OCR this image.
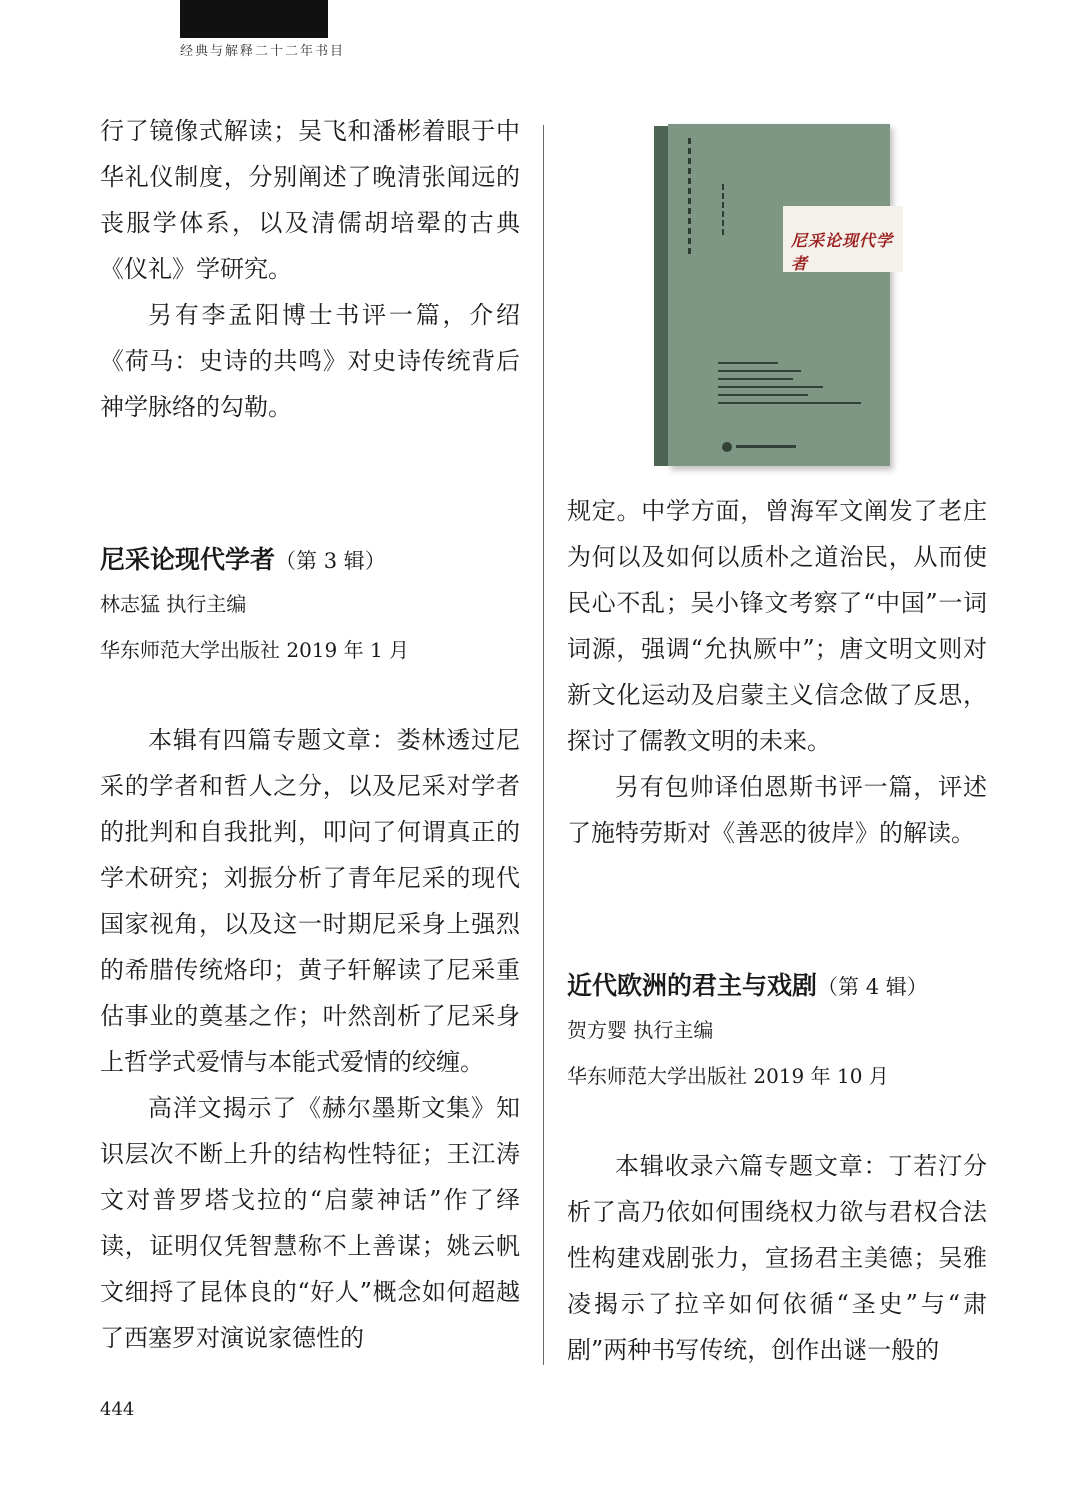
经典与解释二十二年书目

行了镜像式解读；吴飞和潘彬着眼于中华礼仪制度，分别阐述了晚清张闻远的丧服学体系，以及清儒胡培翚的古典《仪礼》学研究。

另有李孟阳博士书评一篇，介绍《荷马：史诗的共鸣》对史诗传统背后神学脉络的勾勒。

尼采论现代学者（第 3 辑）

林志猛 执行主编

华东师范大学出版社 2019 年 1 月

本辑有四篇专题文章：娄林透过尼采的学者和哲人之分，以及尼采对学者的批判和自我批判，叩问了何谓真正的学术研究；刘振分析了青年尼采的现代国家视角，以及这一时期尼采身上强烈的希腊传统烙印；黄子轩解读了尼采重估事业的奠基之作；叶然剖析了尼采身上哲学式爱情与本能式爱情的绞缠。

高洋文揭示了《赫尔墨斯文集》知识层次不断上升的结构性特征；王江涛文对普罗塔戈拉的“启蒙神话”作了绎读，证明仅凭智慧称不上善谋；姚云帆文细捋了昆体良的“好人”概念如何超越了西塞罗对演说家德性的

尼采论现代学者

规定。中学方面，曾海军文阐发了老庄为何以及如何以质朴之道治民，从而使民心不乱；吴小锋文考察了“中国”一词词源，强调“允执厥中”；唐文明文则对新文化运动及启蒙主义信念做了反思，探讨了儒教文明的未来。

另有包帅译伯恩斯书评一篇，评述了施特劳斯对《善恶的彼岸》的解读。

近代欧洲的君主与戏剧（第 4 辑）

贺方婴 执行主编

华东师范大学出版社 2019 年 10 月

本辑收录六篇专题文章：丁若汀分析了高乃依如何围绕权力欲与君权合法性构建戏剧张力，宣扬君主美德；吴雅凌揭示了拉辛如何依循“圣史”与“肃剧”两种书写传统，创作出谜一般的

444
